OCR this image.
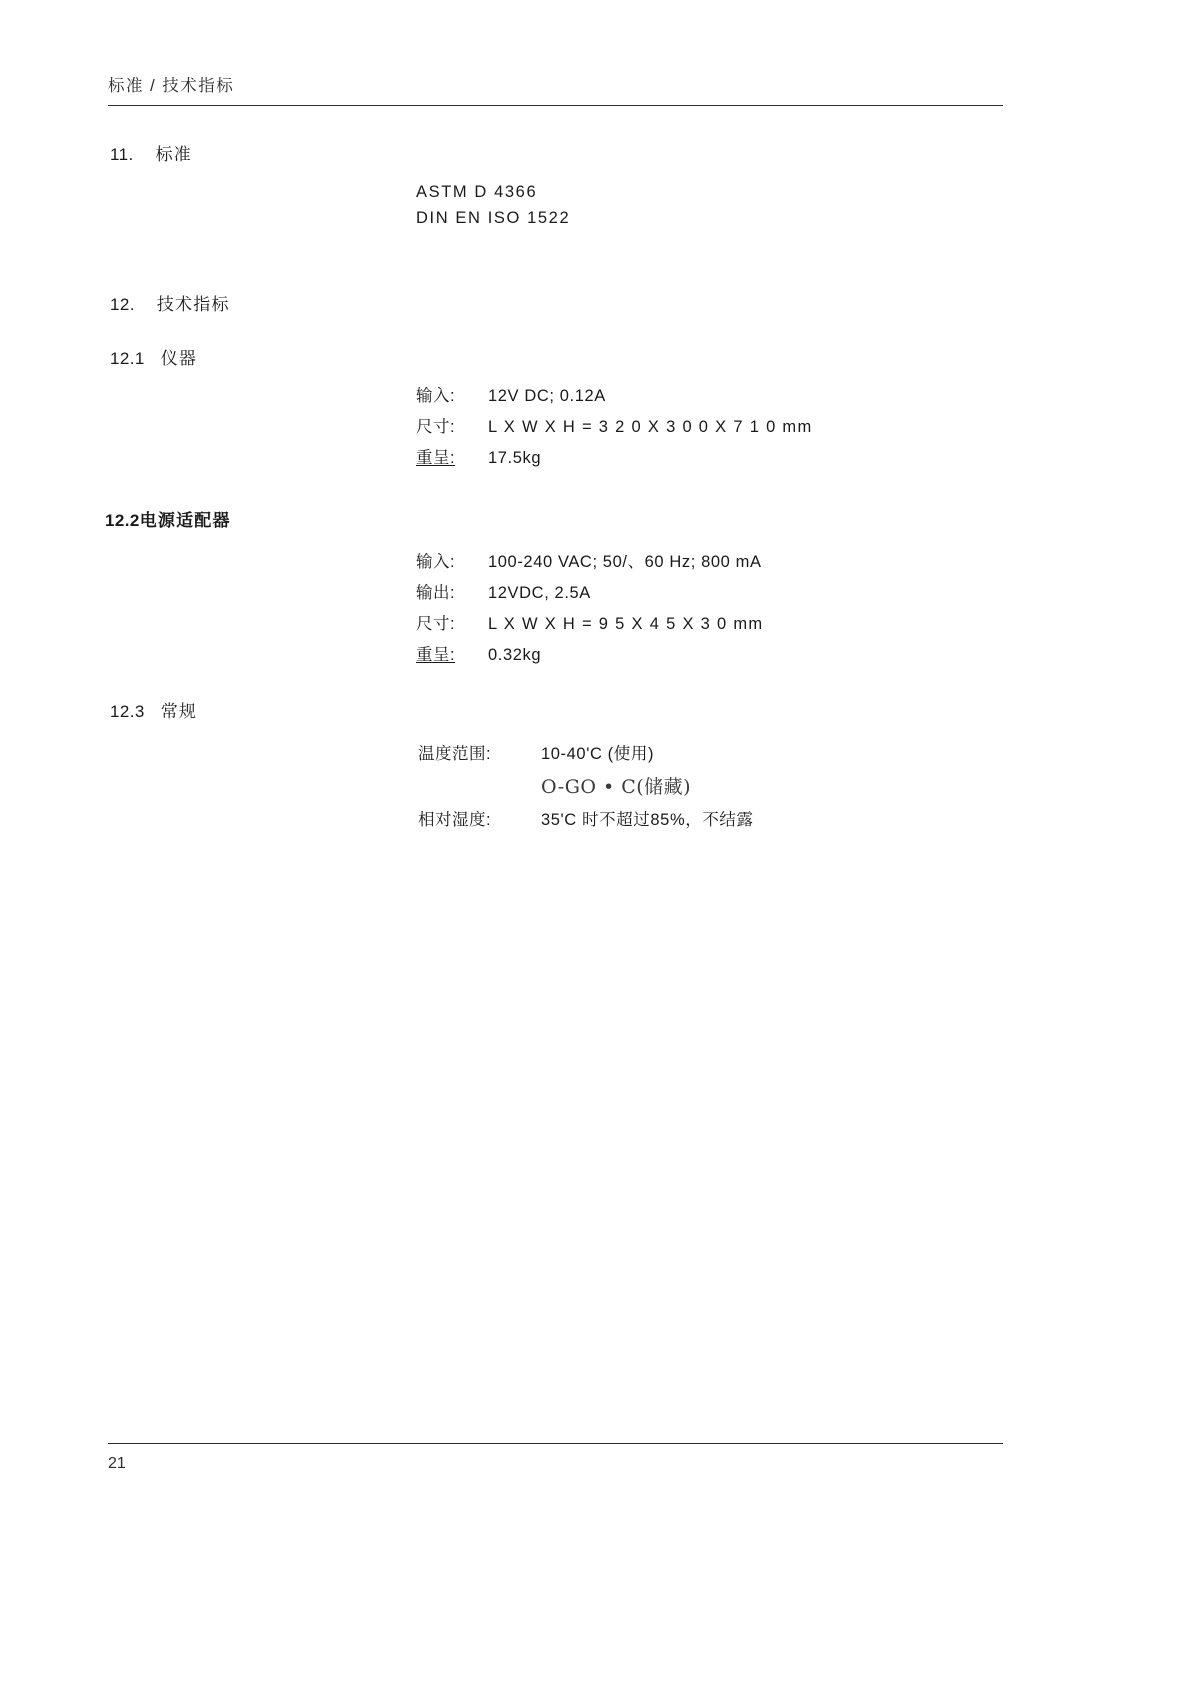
标准 / 技术指标
11. 标准
ASTM D 4366
DIN EN ISO 1522
12. 技术指标
12.1 仪器
输入: 12V DC; 0.12A
尺寸: L X W X H = 3 2 0 X 3 0 0 X 7 1 0 mm
重呈: 17.5kg
12.2电源适配器
输入: 100-240 VAC; 50/、60 Hz; 800 mA
输出: 12VDC, 2.5A
尺寸: L X W X H = 9 5 X 4 5 X 3 0 mm
重呈: 0.32kg
12.3 常规
温度范围:	10-40'C (使用)
O-GO • C(储藏)
相对湿度:	35'C 时不超过85%，不结露
21
